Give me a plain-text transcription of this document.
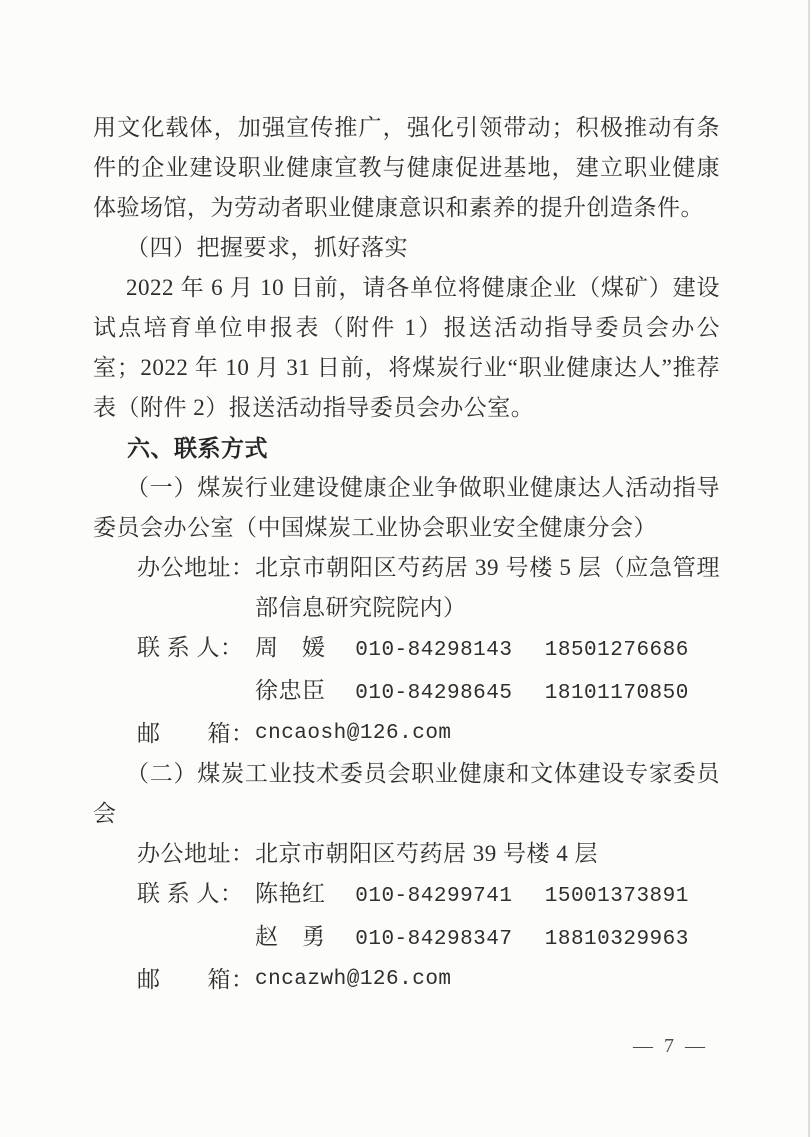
用文化载体，加强宣传推广，强化引领带动；积极推动有条件的企业建设职业健康宣教与健康促进基地，建立职业健康体验场馆，为劳动者职业健康意识和素养的提升创造条件。

（四）把握要求，抓好落实

2022 年 6 月 10 日前，请各单位将健康企业（煤矿）建设试点培育单位申报表（附件 1）报送活动指导委员会办公室；2022 年 10 月 31 日前，将煤炭行业“职业健康达人”推荐表（附件 2）报送活动指导委员会办公室。

六、联系方式

（一）煤炭行业建设健康企业争做职业健康达人活动指导委员会办公室（中国煤炭工业协会职业安全健康分会）

办公地址： 北京市朝阳区芍药居 39 号楼 5 层（应急管理部信息研究院院内）
联 系 人： 周　媛 010-84298143 18501276686
徐忠臣 010-84298645 18101170850
邮　　箱： cncaosh@126.com

（二）煤炭工业技术委员会职业健康和文体建设专家委员会

办公地址： 北京市朝阳区芍药居 39 号楼 4 层
联 系 人： 陈艳红 010-84299741 15001373891
赵　勇 010-84298347 18810329963
邮　　箱： cncazwh@126.com
— 7 —
